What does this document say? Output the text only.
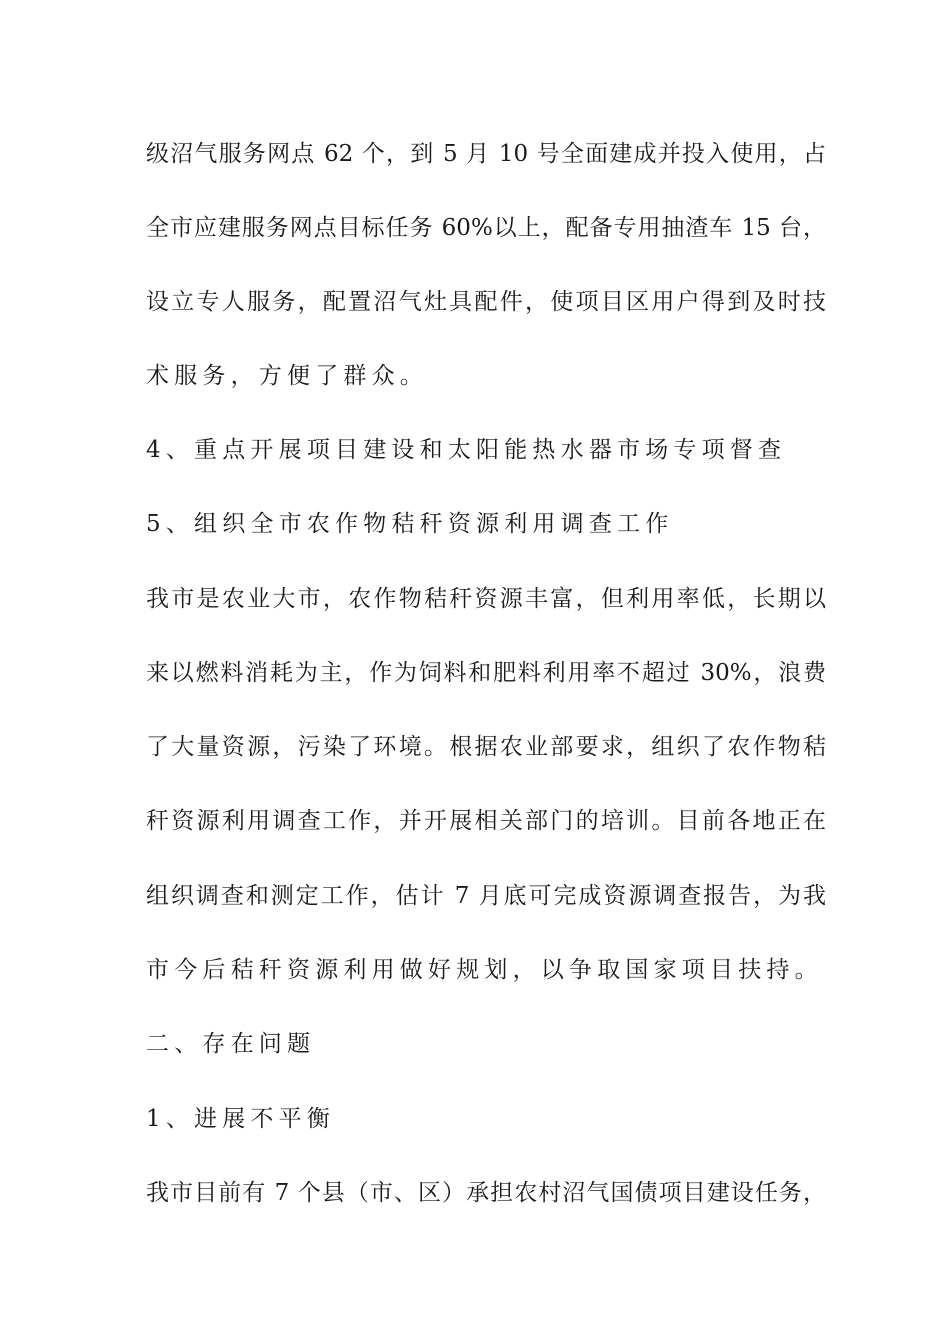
级沼气服务网点 62 个，到 5 月 10 号全面建成并投入使用，占
全市应建服务网点目标任务 60%以上，配备专用抽渣车 15 台，
设立专人服务，配置沼气灶具配件，使项目区用户得到及时技
术服务，方便了群众。
4、重点开展项目建设和太阳能热水器市场专项督查
5、组织全市农作物秸秆资源利用调查工作
我市是农业大市，农作物秸秆资源丰富，但利用率低，长期以
来以燃料消耗为主，作为饲料和肥料利用率不超过 30%，浪费
了大量资源，污染了环境。根据农业部要求，组织了农作物秸
秆资源利用调查工作，并开展相关部门的培训。目前各地正在
组织调查和测定工作，估计 7 月底可完成资源调查报告，为我
市今后秸秆资源利用做好规划，以争取国家项目扶持。
二、存在问题
1、进展不平衡
我市目前有 7 个县（市、区）承担农村沼气国债项目建设任务，
